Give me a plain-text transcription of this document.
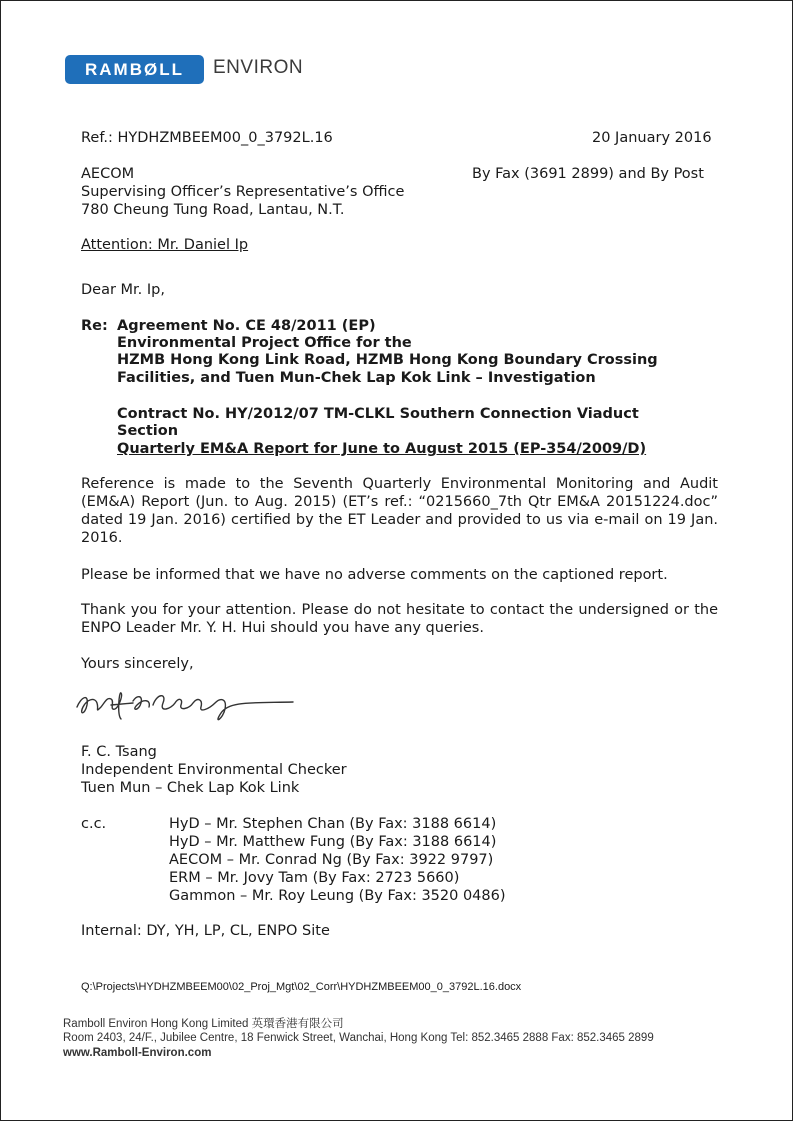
RAMBØLL	ENVIRON
Ref.: HYDHZMBEEM00_0_3792L.16	20 January 2016
AECOM	By Fax (3691 2899) and By Post
Supervising Officer’s Representative’s Office
780 Cheung Tung Road, Lantau, N.T.
Attention: Mr. Daniel Ip
Dear Mr. Ip,
Re: Agreement No. CE 48/2011 (EP)
Environmental Project Office for the
HZMB Hong Kong Link Road, HZMB Hong Kong Boundary Crossing
Facilities, and Tuen Mun-Chek Lap Kok Link – Investigation
Contract No. HY/2012/07 TM-CLKL Southern Connection Viaduct
Section
Quarterly EM&A Report for June to August 2015 (EP-354/2009/D)
Reference is made to the Seventh Quarterly Environmental Monitoring and Audit (EM&A) Report (Jun. to Aug. 2015) (ET’s ref.: “0215660_7th Qtr EM&A 20151224.doc” dated 19 Jan. 2016) certified by the ET Leader and provided to us via e-mail on 19 Jan. 2016.
Please be informed that we have no adverse comments on the captioned report.
Thank you for your attention. Please do not hesitate to contact the undersigned or the ENPO Leader Mr. Y. H. Hui should you have any queries.
Yours sincerely,
F. C. Tsang
Independent Environmental Checker
Tuen Mun – Chek Lap Kok Link
c.c.	HyD – Mr. Stephen Chan (By Fax: 3188 6614)
HyD – Mr. Matthew Fung (By Fax: 3188 6614)
AECOM – Mr. Conrad Ng (By Fax: 3922 9797)
ERM – Mr. Jovy Tam (By Fax: 2723 5660)
Gammon – Mr. Roy Leung (By Fax: 3520 0486)
Internal: DY, YH, LP, CL, ENPO Site
Q:\Projects\HYDHZMBEEM00\02_Proj_Mgt\02_Corr\HYDHZMBEEM00_0_3792L.16.docx
Ramboll Environ Hong Kong Limited 英環香港有限公司
Room 2403, 24/F., Jubilee Centre, 18 Fenwick Street, Wanchai, Hong Kong Tel: 852.3465 2888 Fax: 852.3465 2899
www.Ramboll-Environ.com
